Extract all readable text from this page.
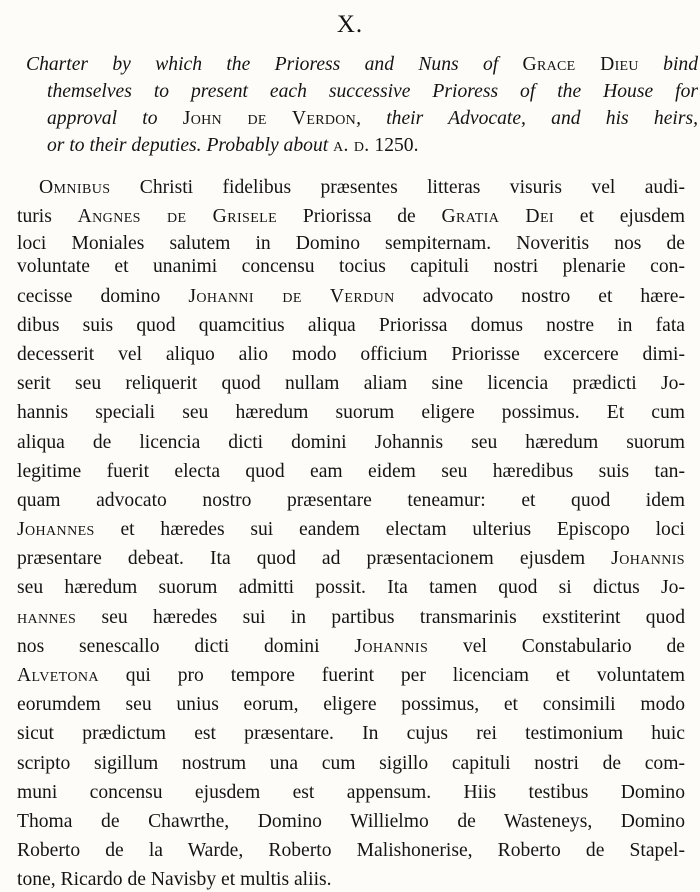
X.
Charter by which the Prioress and Nuns of Grace Dieu bind
themselves to present each successive Prioress of the House for
approval to John de Verdon, their Advocate, and his heirs,
or to their deputies. Probably about a. d. 1250.
Omnibus Christi fidelibus præsentes litteras visuris vel audi-
turis Angnes de Grisele Priorissa de Gratia Dei et ejusdem
loci Moniales salutem in Domino sempiternam. Noveritis nos de
voluntate et unanimi concensu tocius capituli nostri plenarie con-
cecisse domino Johanni de Verdun advocato nostro et hære-
dibus suis quod quamcitius aliqua Priorissa domus nostre in fata
decesserit vel aliquo alio modo officium Priorisse excercere dimi-
serit seu reliquerit quod nullam aliam sine licencia prædicti Jo-
hannis speciali seu hæredum suorum eligere possimus. Et cum
aliqua de licencia dicti domini Johannis seu hæredum suorum
legitime fuerit electa quod eam eidem seu hæredibus suis tan-
quam advocato nostro præsentare teneamur: et quod idem
Johannes et hæredes sui eandem electam ulterius Episcopo loci
præsentare debeat. Ita quod ad præsentacionem ejusdem Johannis
seu hæredum suorum admitti possit. Ita tamen quod si dictus Jo-
hannes seu hæredes sui in partibus transmarinis exstiterint quod
nos senescallo dicti domini Johannis vel Constabulario de
Alvetona qui pro tempore fuerint per licenciam et voluntatem
eorumdem seu unius eorum, eligere possimus, et consimili modo
sicut prædictum est præsentare. In cujus rei testimonium huic
scripto sigillum nostrum una cum sigillo capituli nostri de com-
muni concensu ejusdem est appensum. Hiis testibus Domino
Thoma de Chawrthe, Domino Willielmo de Wasteneys, Domino
Roberto de la Warde, Roberto Malishonerise, Roberto de Stapel-
tone, Ricardo de Navisby et multis aliis.
